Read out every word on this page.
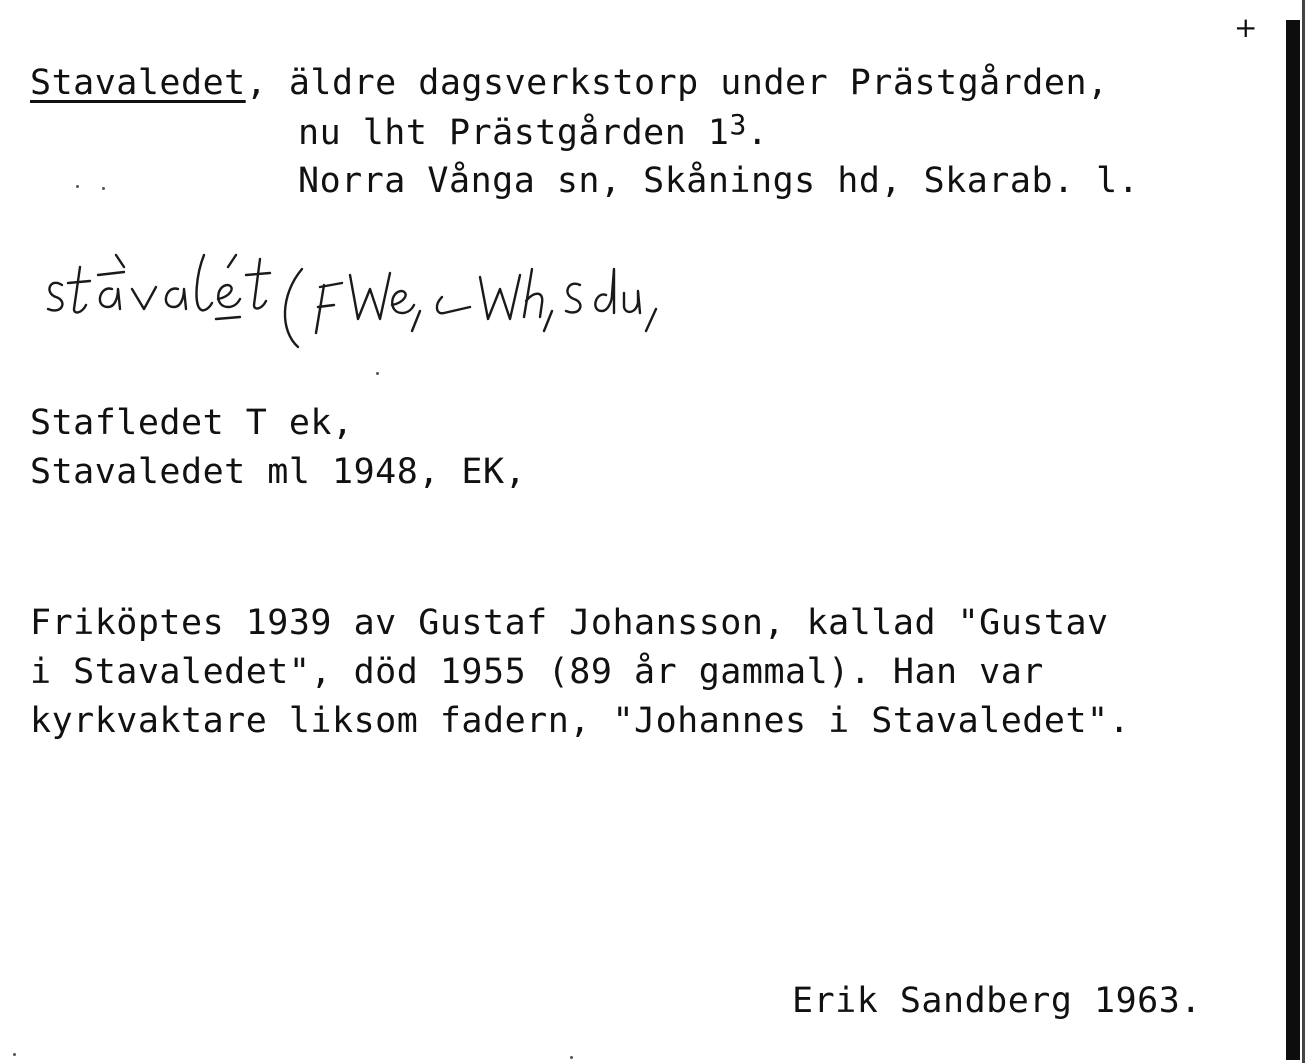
+
Stavaledet, äldre dagsverkstorp under Prästgården,
nu lht Prästgården $1^3$.
Norra Vånga sn, Skånings hd, Skarab. l.
Stafledet T ek,
Stavaledet ml 1948, EK,
Friköptes 1939 av Gustaf Johansson, kallad "Gustav
i Stavaledet", död 1955 (89 år gammal). Han var
kyrkvaktare liksom fadern, "Johannes i Stavaledet".
Erik Sandberg 1963.
